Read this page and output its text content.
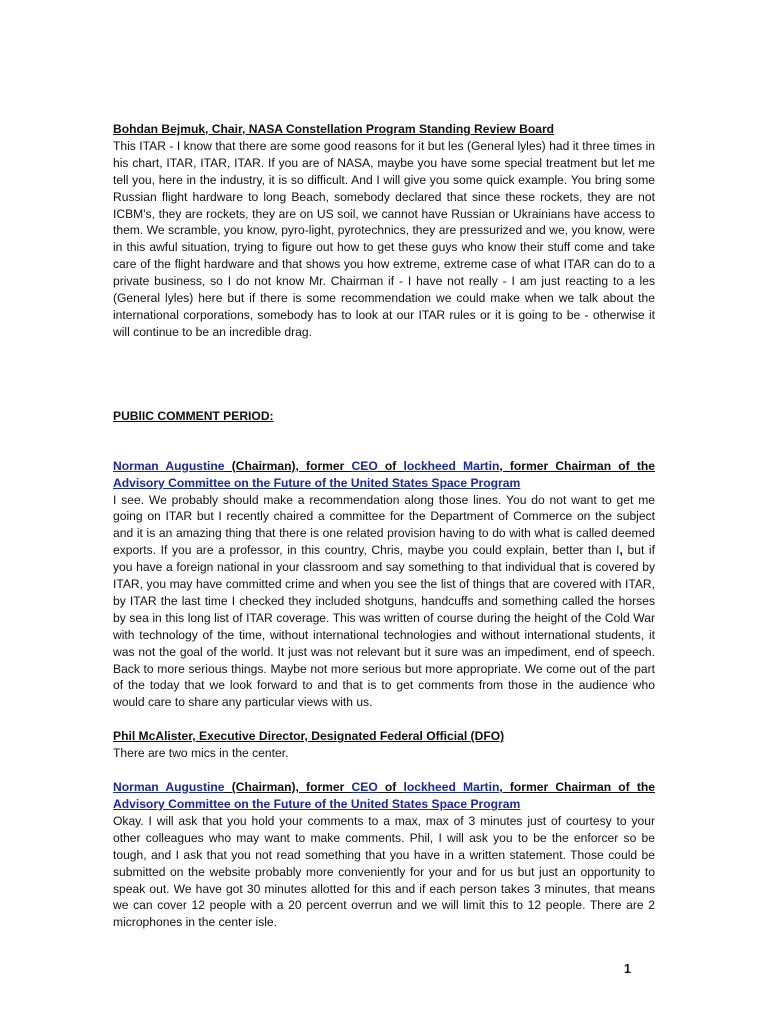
Bohdan Bejmuk, Chair, NASA Constellation Program Standing Review Board

This ITAR - I know that there are some good reasons for it but les (General lyles) had it three times in his chart, ITAR, ITAR, ITAR. If you are of NASA, maybe you have some special treatment but let me tell you, here in the industry, it is so difficult. And I will give you some quick example. You bring some Russian flight hardware to long Beach, somebody declared that since these rockets, they are not ICBM's, they are rockets, they are on US soil, we cannot have Russian or Ukrainians have access to them. We scramble, you know, pyro-light, pyrotechnics, they are pressurized and we, you know, were in this awful situation, trying to figure out how to get these guys who know their stuff come and take care of the flight hardware and that shows you how extreme, extreme case of what ITAR can do to a private business, so I do not know Mr. Chairman if - I have not really - I am just reacting to a les (General lyles) here but if there is some recommendation we could make when we talk about the international corporations, somebody has to look at our ITAR rules or it is going to be - otherwise it will continue to be an incredible drag.

PUBlIC COMMENT PERIOD:
Norman Augustine (Chairman), former CEO of lockheed Martin, former Chairman of the Advisory Committee on the Future of the United States Space Program

I see. We probably should make a recommendation along those lines. You do not want to get me going on ITAR but I recently chaired a committee for the Department of Commerce on the subject and it is an amazing thing that there is one related provision having to do with what is called deemed exports. If you are a professor, in this country, Chris, maybe you could explain, better than I, but if you have a foreign national in your classroom and say something to that individual that is covered by ITAR, you may have committed crime and when you see the list of things that are covered with ITAR, by ITAR the last time I checked they included shotguns, handcuffs and something called the horses by sea in this long list of ITAR coverage. This was written of course during the height of the Cold War with technology of the time, without international technologies and without international students, it was not the goal of the world. It just was not relevant but it sure was an impediment, end of speech. Back to more serious things. Maybe not more serious but more appropriate. We come out of the part of the today that we look forward to and that is to get comments from those in the audience who would care to share any particular views with us.

Phil McAlister, Executive Director, Designated Federal Official (DFO)

There are two mics in the center.

Norman Augustine (Chairman), former CEO of lockheed Martin, former Chairman of the Advisory Committee on the Future of the United States Space Program

Okay. I will ask that you hold your comments to a max, max of 3 minutes just of courtesy to your other colleagues who may want to make comments. Phil, I will ask you to be the enforcer so be tough, and I ask that you not read something that you have in a written statement. Those could be submitted on the website probably more conveniently for your and for us but just an opportunity to speak out. We have got 30 minutes allotted for this and if each person takes 3 minutes, that means we can cover 12 people with a 20 percent overrun and we will limit this to 12 people. There are 2 microphones in the center isle.

1
